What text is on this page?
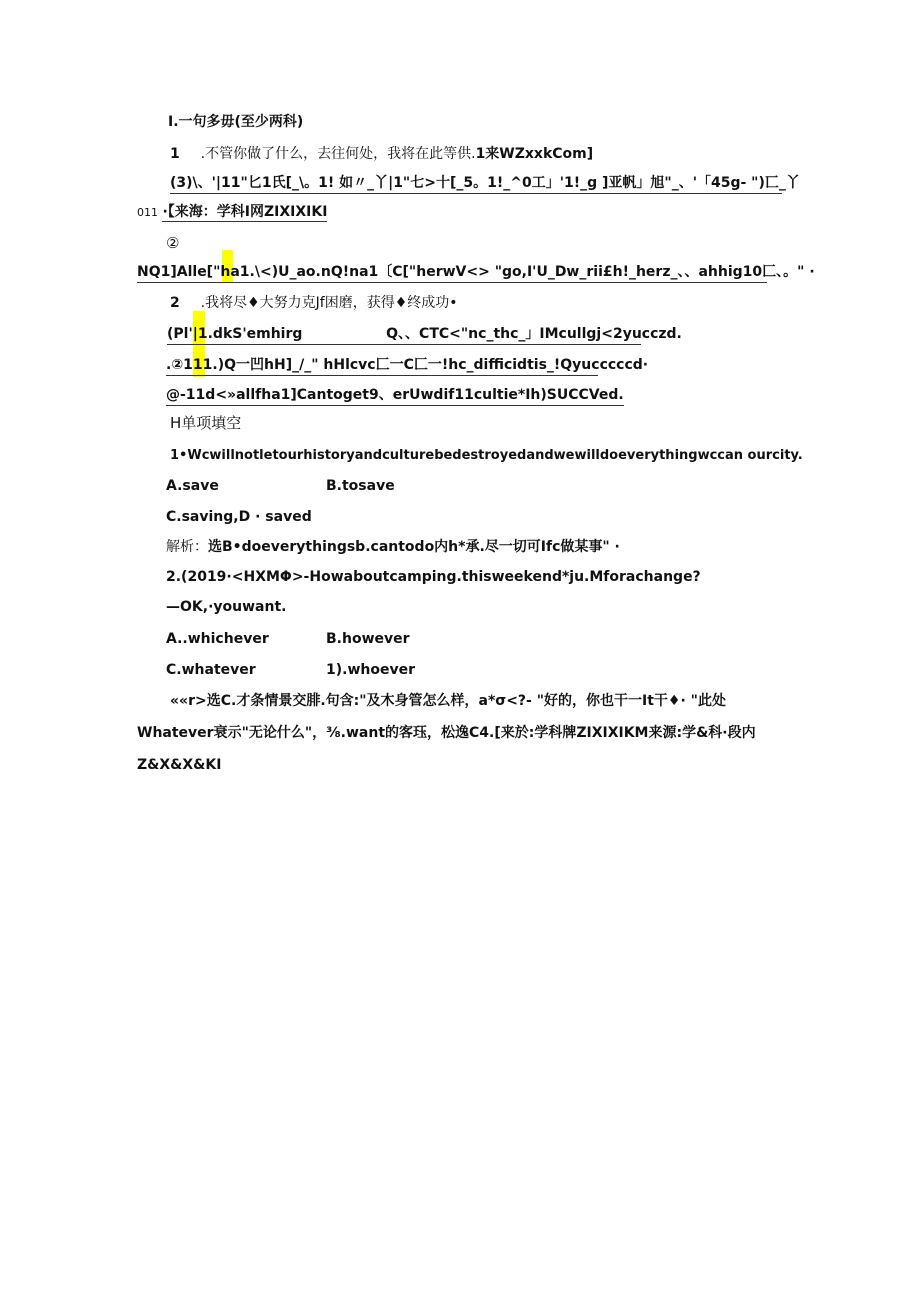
I.一句多毋(至少两科)
1 .不管你做了什么，去往何处，我将在此等供.1来WZxxkCom]
(3)\、'|11"匕1氏[_\。1! 如〃_丫|1"七>十[_5。1!_^0工」'1!_g ]亚帆」旭"_、'「45g- ")匸_丫
011 ·【来海：学科I网ZIXIXIKI
②
NQ1]Alle["ha1.\<)U_ao.nQ!na1〔C["herwV<> "go,I'U_Dw_rii£h!_herz_、、ahhig10匚、。" ·
2 .我将尽♦大努力克Jf困磨，获得♦终成功•
(Pl'|1.dkS'emhirg	Q、、CTC<"nc_thc_」IMcullgj<2yucczd.
.②111.)Q一凹hH]_/_" hHlcvc匚一C匚一!hc_difficidtis_!Qyucccccd·
@-11d<»allfha1]Cantoget9、erUwdif11cultie*Ih)SUCCVed.
H单项填空
1•Wcwillnotletourhistoryandculturebedestroyedandwewilldoeverythingwccan ourcity.
A.save	B.tosave
C.saving,D · saved
解析：选B•doeverythingsb.cantodo内h*承.尽一切可Ifc做某事" ·
2.(2019·<HXMΦ>-Howaboutcamping.thisweekend*ju.Mforachange?
—OK,·youwant.
A..whichever	B.however
C.whatever	1).whoever
««r>选C.才条情景交腓.句含:"及木身管怎么样，a*σ<?- "好的，你也干一It干♦· "此处
Whatever衰示"无论什么"，⅜.want的客珏，松逸C4.[来於:学科牌ZIXIXIKM来源:学&科·段内
Z&X&X&KI
